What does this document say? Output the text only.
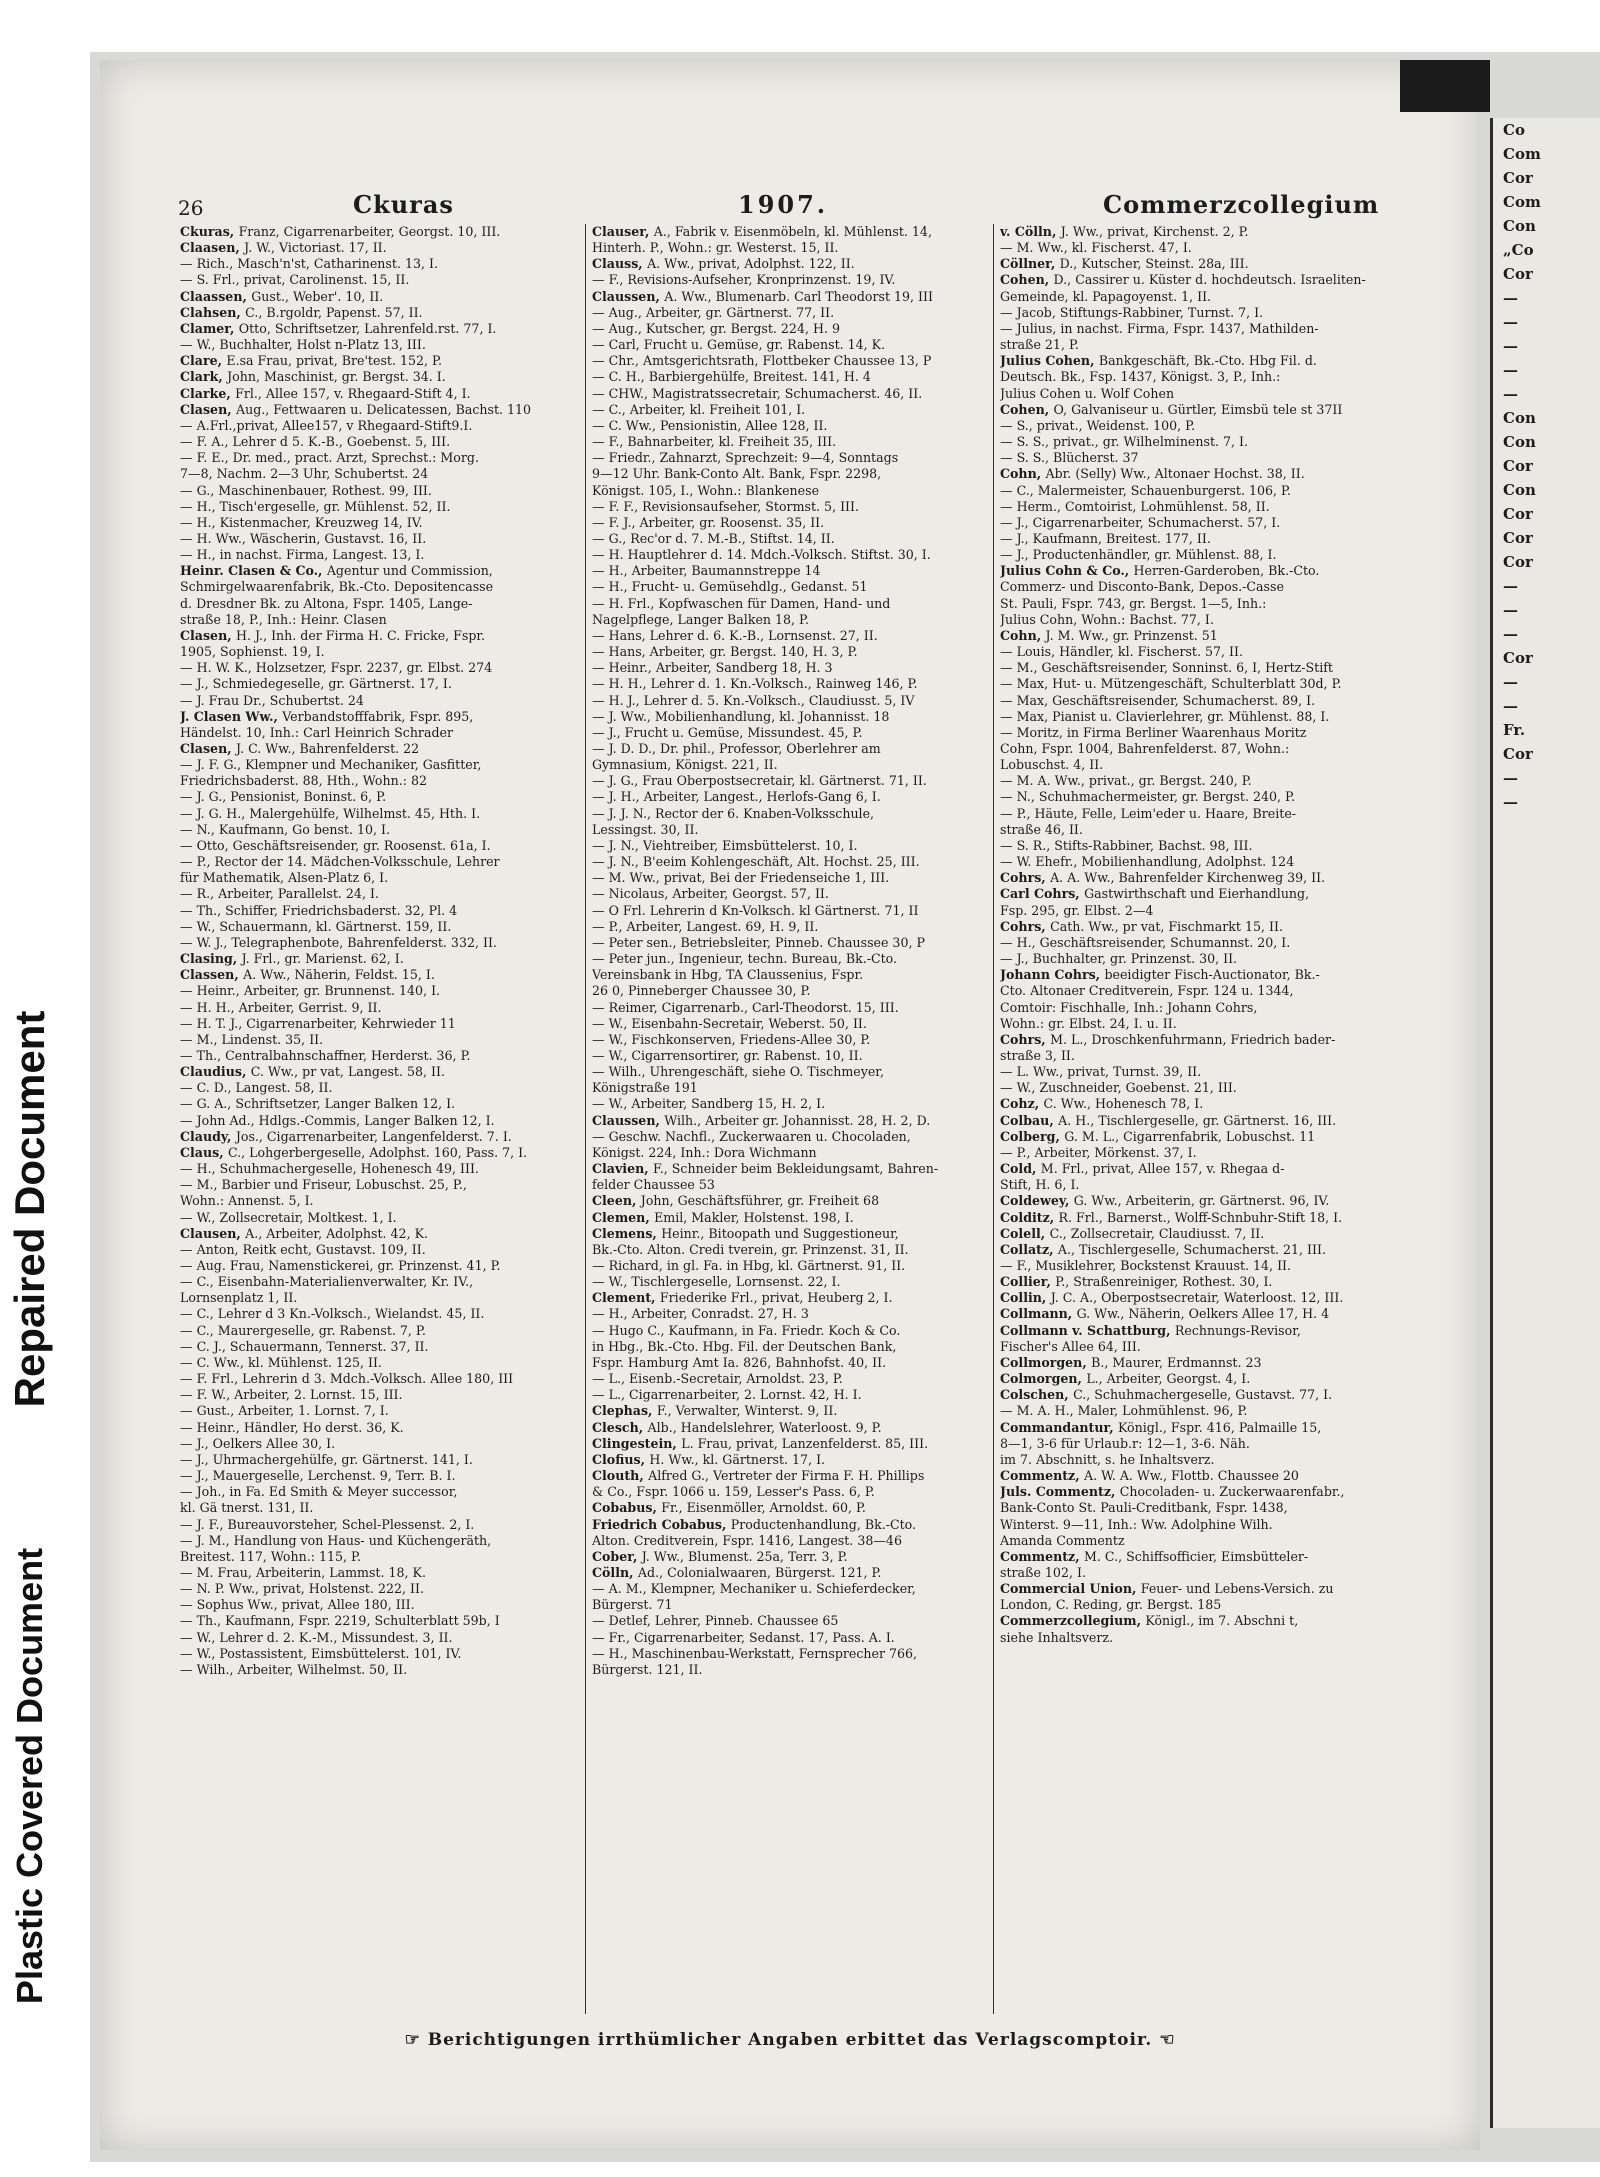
Plastic Covered Document
Repaired Document
Co
Com
Cor
Com
Con
„Co
Cor
—
—
—
—
—
Con
Con
Cor
Con
Cor
Cor
Cor
—
—
—
Cor
—
—
Fr.
Cor
—
—
26	Ckuras	1907.	Commerzcollegium
Ckuras, Franz, Cigarrenarbeiter, Georgst. 10, III.
Claasen, J. W., Victoriast. 17, II.
— Rich., Masch'n'st, Catharinenst. 13, I.
— S. Frl., privat, Carolinenst. 15, II.
Claassen, Gust., Weber'. 10, II.
Clahsen, C., B.rgoldr, Papenst. 57, II.
Clamer, Otto, Schriftsetzer, Lahrenfeld.rst. 77, I.
— W., Buchhalter, Holst n-Platz 13, III.
Clare, E.sa Frau, privat, Bre'test. 152, P.
Clark, John, Maschinist, gr. Bergst. 34. I.
Clarke, Frl., Allee 157, v. Rhegaard-Stift 4, I.
Clasen, Aug., Fettwaaren u. Delicatessen, Bachst. 110
— A.Frl.,privat, Allee157, v Rhegaard-Stift9.I.
— F. A., Lehrer d 5. K.-B., Goebenst. 5, III.
— F. E., Dr. med., pract. Arzt, Sprechst.: Morg.
7—8, Nachm. 2—3 Uhr, Schubertst. 24
— G., Maschinenbauer, Rothest. 99, III.
— H., Tisch'ergeselle, gr. Mühlenst. 52, II.
— H., Kistenmacher, Kreuzweg 14, IV.
— H. Ww., Wäscherin, Gustavst. 16, II.
— H., in nachst. Firma, Langest. 13, I.
Heinr. Clasen & Co., Agentur und Commission,
Schmirgelwaarenfabrik, Bk.-Cto. Depositencasse
d. Dresdner Bk. zu Altona, Fspr. 1405, Lange-
straße 18, P., Inh.: Heinr. Clasen
Clasen, H. J., Inh. der Firma H. C. Fricke, Fspr.
1905, Sophienst. 19, I.
— H. W. K., Holzsetzer, Fspr. 2237, gr. Elbst. 274
— J., Schmiedegeselle, gr. Gärtnerst. 17, I.
— J. Frau Dr., Schubertst. 24
J. Clasen Ww., Verbandstofffabrik, Fspr. 895,
Händelst. 10, Inh.: Carl Heinrich Schrader
Clasen, J. C. Ww., Bahrenfelderst. 22
— J. F. G., Klempner und Mechaniker, Gasfitter,
Friedrichsbaderst. 88, Hth., Wohn.: 82
— J. G., Pensionist, Boninst. 6, P.
— J. G. H., Malergehülfe, Wilhelmst. 45, Hth. I.
— N., Kaufmann, Go benst. 10, I.
— Otto, Geschäftsreisender, gr. Roosenst. 61a, I.
— P., Rector der 14. Mädchen-Volksschule, Lehrer
für Mathematik, Alsen-Platz 6, I.
— R., Arbeiter, Parallelst. 24, I.
— Th., Schiffer, Friedrichsbaderst. 32, Pl. 4
— W., Schauermann, kl. Gärtnerst. 159, II.
— W. J., Telegraphenbote, Bahrenfelderst. 332, II.
Clasing, J. Frl., gr. Marienst. 62, I.
Classen, A. Ww., Näherin, Feldst. 15, I.
— Heinr., Arbeiter, gr. Brunnenst. 140, I.
— H. H., Arbeiter, Gerrist. 9, II.
— H. T. J., Cigarrenarbeiter, Kehrwieder 11
— M., Lindenst. 35, II.
— Th., Centralbahnschaffner, Herderst. 36, P.
Claudius, C. Ww., pr vat, Langest. 58, II.
— C. D., Langest. 58, II.
— G. A., Schriftsetzer, Langer Balken 12, I.
— John Ad., Hdlgs.-Commis, Langer Balken 12, I.
Claudy, Jos., Cigarrenarbeiter, Langenfelderst. 7. I.
Claus, C., Lohgerbergeselle, Adolphst. 160, Pass. 7, I.
— H., Schuhmachergeselle, Hohenesch 49, III.
— M., Barbier und Friseur, Lobuschst. 25, P.,
Wohn.: Annenst. 5, I.
— W., Zollsecretair, Moltkest. 1, I.
Clausen, A., Arbeiter, Adolphst. 42, K.
— Anton, Reitk echt, Gustavst. 109, II.
— Aug. Frau, Namenstickerei, gr. Prinzenst. 41, P.
— C., Eisenbahn-Materialienverwalter, Kr. IV.,
Lornsenplatz 1, II.
— C., Lehrer d 3 Kn.-Volksch., Wielandst. 45, II.
— C., Maurergeselle, gr. Rabenst. 7, P.
— C. J., Schauermann, Tennerst. 37, II.
— C. Ww., kl. Mühlenst. 125, II.
— F. Frl., Lehrerin d 3. Mdch.-Volksch. Allee 180, III
— F. W., Arbeiter, 2. Lornst. 15, III.
— Gust., Arbeiter, 1. Lornst. 7, I.
— Heinr., Händler, Ho derst. 36, K.
— J., Oelkers Allee 30, I.
— J., Uhrmachergehülfe, gr. Gärtnerst. 141, I.
— J., Mauergeselle, Lerchenst. 9, Terr. B. I.
— Joh., in Fa. Ed Smith & Meyer successor,
kl. Gä tnerst. 131, II.
— J. F., Bureauvorsteher, Schel-Plessenst. 2, I.
— J. M., Handlung von Haus- und Küchengeräth,
Breitest. 117, Wohn.: 115, P.
— M. Frau, Arbeiterin, Lammst. 18, K.
— N. P. Ww., privat, Holstenst. 222, II.
— Sophus Ww., privat, Allee 180, III.
— Th., Kaufmann, Fspr. 2219, Schulterblatt 59b, I
— W., Lehrer d. 2. K.-M., Missundest. 3, II.
— W., Postassistent, Eimsbüttelerst. 101, IV.
— Wilh., Arbeiter, Wilhelmst. 50, II.
Clauser, A., Fabrik v. Eisenmöbeln, kl. Mühlenst. 14,
Hinterh. P., Wohn.: gr. Westerst. 15, II.
Clauss, A. Ww., privat, Adolphst. 122, II.
— F., Revisions-Aufseher, Kronprinzenst. 19, IV.
Claussen, A. Ww., Blumenarb. Carl Theodorst 19, III
— Aug., Arbeiter, gr. Gärtnerst. 77, II.
— Aug., Kutscher, gr. Bergst. 224, H. 9
— Carl, Frucht u. Gemüse, gr. Rabenst. 14, K.
— Chr., Amtsgerichtsrath, Flottbeker Chaussee 13, P
— C. H., Barbiergehülfe, Breitest. 141, H. 4
— CHW., Magistratssecretair, Schumacherst. 46, II.
— C., Arbeiter, kl. Freiheit 101, I.
— C. Ww., Pensionistin, Allee 128, II.
— F., Bahnarbeiter, kl. Freiheit 35, III.
— Friedr., Zahnarzt, Sprechzeit: 9—4, Sonntags
9—12 Uhr. Bank-Conto Alt. Bank, Fspr. 2298,
Königst. 105, I., Wohn.: Blankenese
— F. F., Revisionsaufseher, Stormst. 5, III.
— F. J., Arbeiter, gr. Roosenst. 35, II.
— G., Rec'or d. 7. M.-B., Stiftst. 14, II.
— H. Hauptlehrer d. 14. Mdch.-Volksch. Stiftst. 30, I.
— H., Arbeiter, Baumannstreppe 14
— H., Frucht- u. Gemüsehdlg., Gedanst. 51
— H. Frl., Kopfwaschen für Damen, Hand- und
Nagelpflege, Langer Balken 18, P.
— Hans, Lehrer d. 6. K.-B., Lornsenst. 27, II.
— Hans, Arbeiter, gr. Bergst. 140, H. 3, P.
— Heinr., Arbeiter, Sandberg 18, H. 3
— H. H., Lehrer d. 1. Kn.-Volksch., Rainweg 146, P.
— H. J., Lehrer d. 5. Kn.-Volksch., Claudiusst. 5, IV
— J. Ww., Mobilienhandlung, kl. Johannisst. 18
— J., Frucht u. Gemüse, Missundest. 45, P.
— J. D. D., Dr. phil., Professor, Oberlehrer am
Gymnasium, Königst. 221, II.
— J. G., Frau Oberpostsecretair, kl. Gärtnerst. 71, II.
— J. H., Arbeiter, Langest., Herlofs-Gang 6, I.
— J. J. N., Rector der 6. Knaben-Volksschule,
Lessingst. 30, II.
— J. N., Viehtreiber, Eimsbüttelerst. 10, I.
— J. N., B'eeim Kohlengeschäft, Alt. Hochst. 25, III.
— M. Ww., privat, Bei der Friedenseiche 1, III.
— Nicolaus, Arbeiter, Georgst. 57, II.
— O Frl. Lehrerin d Kn-Volksch. kl Gärtnerst. 71, II
— P., Arbeiter, Langest. 69, H. 9, II.
— Peter sen., Betriebsleiter, Pinneb. Chaussee 30, P
— Peter jun., Ingenieur, techn. Bureau, Bk.-Cto.
Vereinsbank in Hbg, TA Claussenius, Fspr.
26 0, Pinneberger Chaussee 30, P.
— Reimer, Cigarrenarb., Carl-Theodorst. 15, III.
— W., Eisenbahn-Secretair, Weberst. 50, II.
— W., Fischkonserven, Friedens-Allee 30, P.
— W., Cigarrensortirer, gr. Rabenst. 10, II.
— Wilh., Uhrengeschäft, siehe O. Tischmeyer,
Königstraße 191
— W., Arbeiter, Sandberg 15, H. 2, I.
Claussen, Wilh., Arbeiter gr. Johannisst. 28, H. 2, D.
— Geschw. Nachfl., Zuckerwaaren u. Chocoladen,
Königst. 224, Inh.: Dora Wichmann
Clavien, F., Schneider beim Bekleidungsamt, Bahren-
felder Chaussee 53
Cleen, John, Geschäftsführer, gr. Freiheit 68
Clemen, Emil, Makler, Holstenst. 198, I.
Clemens, Heinr., Bitoopath und Suggestioneur,
Bk.-Cto. Alton. Credi tverein, gr. Prinzenst. 31, II.
— Richard, in gl. Fa. in Hbg, kl. Gärtnerst. 91, II.
— W., Tischlergeselle, Lornsenst. 22, I.
Clement, Friederike Frl., privat, Heuberg 2, I.
— H., Arbeiter, Conradst. 27, H. 3
— Hugo C., Kaufmann, in Fa. Friedr. Koch & Co.
in Hbg., Bk.-Cto. Hbg. Fil. der Deutschen Bank,
Fspr. Hamburg Amt Ia. 826, Bahnhofst. 40, II.
— L., Eisenb.-Secretair, Arnoldst. 23, P.
— L., Cigarrenarbeiter, 2. Lornst. 42, H. I.
Clephas, F., Verwalter, Winterst. 9, II.
Clesch, Alb., Handelslehrer, Waterloost. 9, P.
Clingestein, L. Frau, privat, Lanzenfelderst. 85, III.
Clofius, H. Ww., kl. Gärtnerst. 17, I.
Clouth, Alfred G., Vertreter der Firma F. H. Phillips
& Co., Fspr. 1066 u. 159, Lesser's Pass. 6, P.
Cobabus, Fr., Eisenmöller, Arnoldst. 60, P.
Friedrich Cobabus, Productenhandlung, Bk.-Cto.
Alton. Creditverein, Fspr. 1416, Langest. 38—46
Cober, J. Ww., Blumenst. 25a, Terr. 3, P.
Cölln, Ad., Colonialwaaren, Bürgerst. 121, P.
— A. M., Klempner, Mechaniker u. Schieferdecker,
Bürgerst. 71
— Detlef, Lehrer, Pinneb. Chaussee 65
— Fr., Cigarrenarbeiter, Sedanst. 17, Pass. A. I.
— H., Maschinenbau-Werkstatt, Fernsprecher 766,
Bürgerst. 121, II.
v. Cölln, J. Ww., privat, Kirchenst. 2, P.
— M. Ww., kl. Fischerst. 47, I.
Cöllner, D., Kutscher, Steinst. 28a, III.
Cohen, D., Cassirer u. Küster d. hochdeutsch. Israeliten-
Gemeinde, kl. Papagoyenst. 1, II.
— Jacob, Stiftungs-Rabbiner, Turnst. 7, I.
— Julius, in nachst. Firma, Fspr. 1437, Mathilden-
straße 21, P.
Julius Cohen, Bankgeschäft, Bk.-Cto. Hbg Fil. d.
Deutsch. Bk., Fsp. 1437, Königst. 3, P., Inh.:
Julius Cohen u. Wolf Cohen
Cohen, O, Galvaniseur u. Gürtler, Eimsbü tele st 37II
— S., privat., Weidenst. 100, P.
— S. S., privat., gr. Wilhelminenst. 7, I.
— S. S., Blücherst. 37
Cohn, Abr. (Selly) Ww., Altonaer Hochst. 38, II.
— C., Malermeister, Schauenburgerst. 106, P.
— Herm., Comtoirist, Lohmühlenst. 58, II.
— J., Cigarrenarbeiter, Schumacherst. 57, I.
— J., Kaufmann, Breitest. 177, II.
— J., Productenhändler, gr. Mühlenst. 88, I.
Julius Cohn & Co., Herren-Garderoben, Bk.-Cto.
Commerz- und Disconto-Bank, Depos.-Casse
St. Pauli, Fspr. 743, gr. Bergst. 1—5, Inh.:
Julius Cohn, Wohn.: Bachst. 77, I.
Cohn, J. M. Ww., gr. Prinzenst. 51
— Louis, Händler, kl. Fischerst. 57, II.
— M., Geschäftsreisender, Sonninst. 6, I, Hertz-Stift
— Max, Hut- u. Mützengeschäft, Schulterblatt 30d, P.
— Max, Geschäftsreisender, Schumacherst. 89, I.
— Max, Pianist u. Clavierlehrer, gr. Mühlenst. 88, I.
— Moritz, in Firma Berliner Waarenhaus Moritz
Cohn, Fspr. 1004, Bahrenfelderst. 87, Wohn.:
Lobuschst. 4, II.
— M. A. Ww., privat., gr. Bergst. 240, P.
— N., Schuhmachermeister, gr. Bergst. 240, P.
— P., Häute, Felle, Leim'eder u. Haare, Breite-
straße 46, II.
— S. R., Stifts-Rabbiner, Bachst. 98, III.
— W. Ehefr., Mobilienhandlung, Adolphst. 124
Cohrs, A. A. Ww., Bahrenfelder Kirchenweg 39, II.
Carl Cohrs, Gastwirthschaft und Eierhandlung,
Fsp. 295, gr. Elbst. 2—4
Cohrs, Cath. Ww., pr vat, Fischmarkt 15, II.
— H., Geschäftsreisender, Schumannst. 20, I.
— J., Buchhalter, gr. Prinzenst. 30, II.
Johann Cohrs, beeidigter Fisch-Auctionator, Bk.-
Cto. Altonaer Creditverein, Fspr. 124 u. 1344,
Comtoir: Fischhalle, Inh.: Johann Cohrs,
Wohn.: gr. Elbst. 24, I. u. II.
Cohrs, M. L., Droschkenfuhrmann, Friedrich bader-
straße 3, II.
— L. Ww., privat, Turnst. 39, II.
— W., Zuschneider, Goebenst. 21, III.
Cohz, C. Ww., Hohenesch 78, I.
Colbau, A. H., Tischlergeselle, gr. Gärtnerst. 16, III.
Colberg, G. M. L., Cigarrenfabrik, Lobuschst. 11
— P., Arbeiter, Mörkenst. 37, I.
Cold, M. Frl., privat, Allee 157, v. Rhegaa d-
Stift, H. 6, I.
Coldewey, G. Ww., Arbeiterin, gr. Gärtnerst. 96, IV.
Colditz, R. Frl., Barnerst., Wolff-Schnbuhr-Stift 18, I.
Colell, C., Zollsecretair, Claudiusst. 7, II.
Collatz, A., Tischlergeselle, Schumacherst. 21, III.
— F., Musiklehrer, Bockstenst Krauust. 14, II.
Collier, P., Straßenreiniger, Rothest. 30, I.
Collin, J. C. A., Oberpostsecretair, Waterloost. 12, III.
Collmann, G. Ww., Näherin, Oelkers Allee 17, H. 4
Collmann v. Schattburg, Rechnungs-Revisor,
Fischer's Allee 64, III.
Collmorgen, B., Maurer, Erdmannst. 23
Colmorgen, L., Arbeiter, Georgst. 4, I.
Colschen, C., Schuhmachergeselle, Gustavst. 77, I.
— M. A. H., Maler, Lohmühlenst. 96, P.
Commandantur, Königl., Fspr. 416, Palmaille 15,
8—1, 3-6 für Urlaub.r: 12—1, 3-6. Näh.
im 7. Abschnitt, s. he Inhaltsverz.
Commentz, A. W. A. Ww., Flottb. Chaussee 20
Juls. Commentz, Chocoladen- u. Zuckerwaarenfabr.,
Bank-Conto St. Pauli-Creditbank, Fspr. 1438,
Winterst. 9—11, Inh.: Ww. Adolphine Wilh.
Amanda Commentz
Commentz, M. C., Schiffsofficier, Eimsbütteler-
straße 102, I.
Commercial Union, Feuer- und Lebens-Versich. zu
London, C. Reding, gr. Bergst. 185
Commerzcollegium, Königl., im 7. Abschni t,
siehe Inhaltsverz.
☞ Berichtigungen irrthümlicher Angaben erbittet das Verlagscomptoir. ☜
